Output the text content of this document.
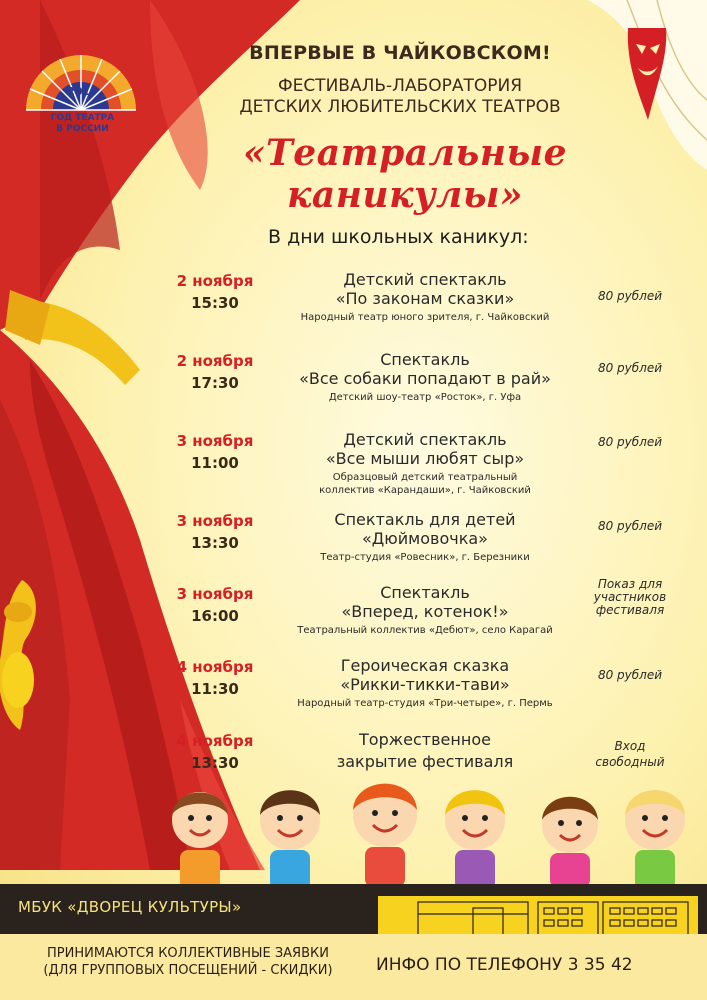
2019
ГОД ТЕАТРА
В РОССИИ
ВПЕРВЫЕ В ЧАЙКОВСКОМ!
ФЕСТИВАЛЬ-ЛАБОРАТОРИЯ
ДЕТСКИХ ЛЮБИТЕЛЬСКИХ ТЕАТРОВ
«Театральные каникулы»
В дни школьных каникул:
2 ноября
15:30
Детский спектакль
«По законам сказки»
Народный театр юного зрителя, г. Чайковский
80 рублей
2 ноября
17:30
Спектакль
«Все собаки попадают в рай»
Детский шоу-театр «Росток», г. Уфа
80 рублей
3 ноября
11:00
Детский спектакль
«Все мыши любят сыр»
Образцовый детский театральный
коллектив «Карандаши», г. Чайковский
80 рублей
3 ноября
13:30
Спектакль для детей
«Дюймовочка»
Театр-студия «Ровесник», г. Березники
80 рублей
3 ноября
16:00
Спектакль
«Вперед, котенок!»
Театральный коллектив «Дебют», село Карагай
Показ для
участников
фестиваля
4 ноября
11:30
Героическая сказка
«Рикки-тикки-тави»
Народный театр-студия «Три-четыре», г. Пермь
80 рублей
4 ноября
13:30
Торжественное
закрытие фестиваля
Вход
свободный
МБУК «ДВОРЕЦ КУЛЬТУРЫ»
ПРИНИМАЮТСЯ КОЛЛЕКТИВНЫЕ ЗАЯВКИ
(ДЛЯ ГРУППОВЫХ ПОСЕЩЕНИЙ - СКИДКИ)	ИНФО ПО ТЕЛЕФОНУ 3 35 42
